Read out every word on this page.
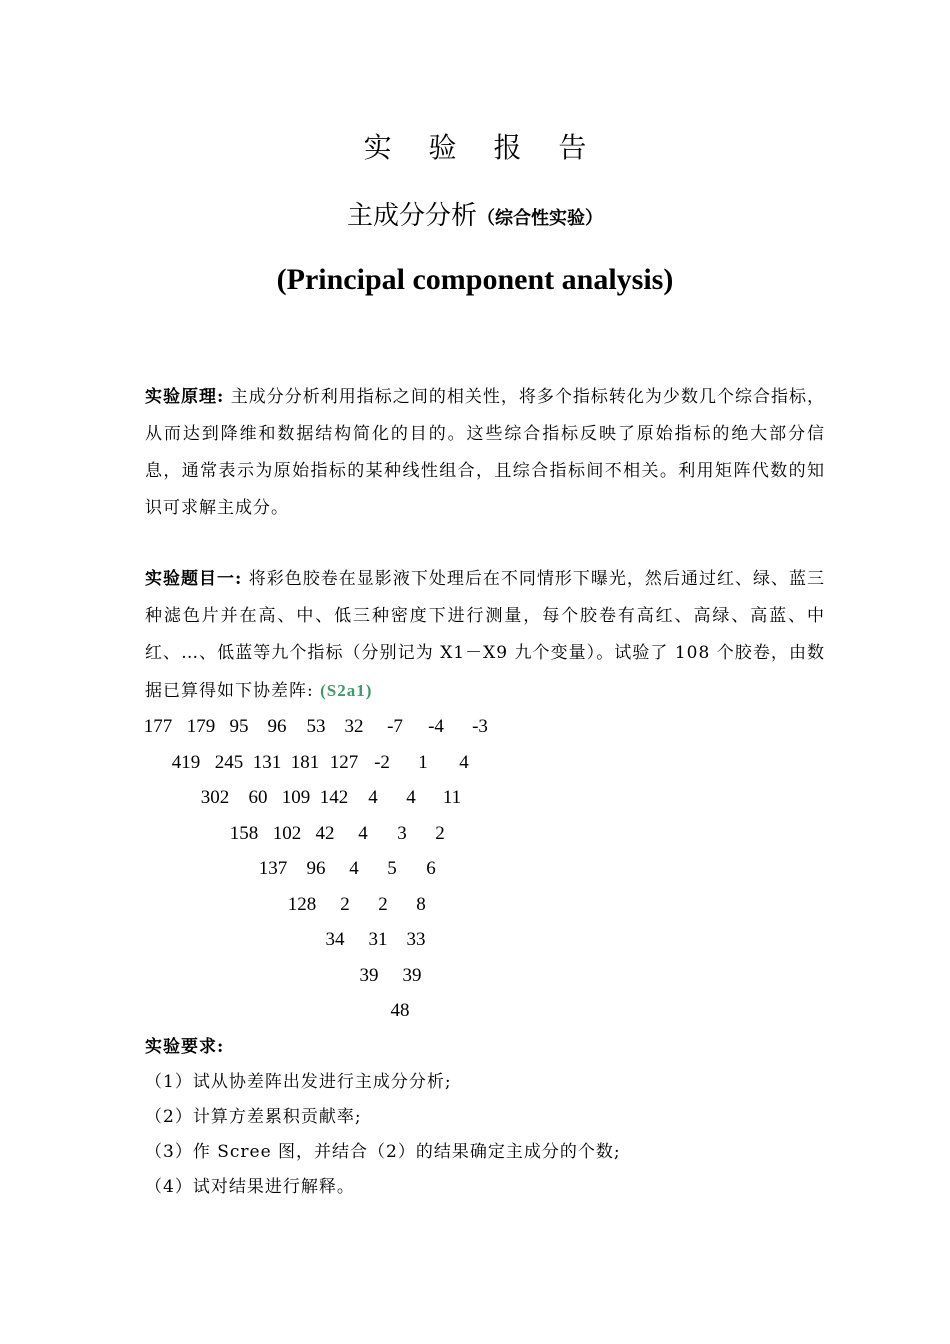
实 验 报 告
主成分分析（综合性实验）
(Principal component analysis)
实验原理: 主成分分析利用指标之间的相关性，将多个指标转化为少数几个综合指标，从而达到降维和数据结构简化的目的。这些综合指标反映了原始指标的绝大部分信息，通常表示为原始指标的某种线性组合，且综合指标间不相关。利用矩阵代数的知识可求解主成分。
实验题目一: 将彩色胶卷在显影液下处理后在不同情形下曝光，然后通过红、绿、蓝三种滤色片并在高、中、低三种密度下进行测量，每个胶卷有高红、高绿、高蓝、中红、…、低蓝等九个指标（分别记为 X1－X9 九个变量）。试验了 108 个胶卷，由数据已算得如下协差阵: (S2a1)
177 179 95	96	53	32	-7	-4	-3
419 245 131 181 127 -2	1	4
302	60 109 142	4	4	11
158 102 42	4	3	2
137	96	4	5	6
128	2	2	8
34	31	33
39	39
48
实验要求:
（1）试从协差阵出发进行主成分分析;
（2）计算方差累积贡献率;
（3）作 Scree 图，并结合（2）的结果确定主成分的个数;
（4）试对结果进行解释。
